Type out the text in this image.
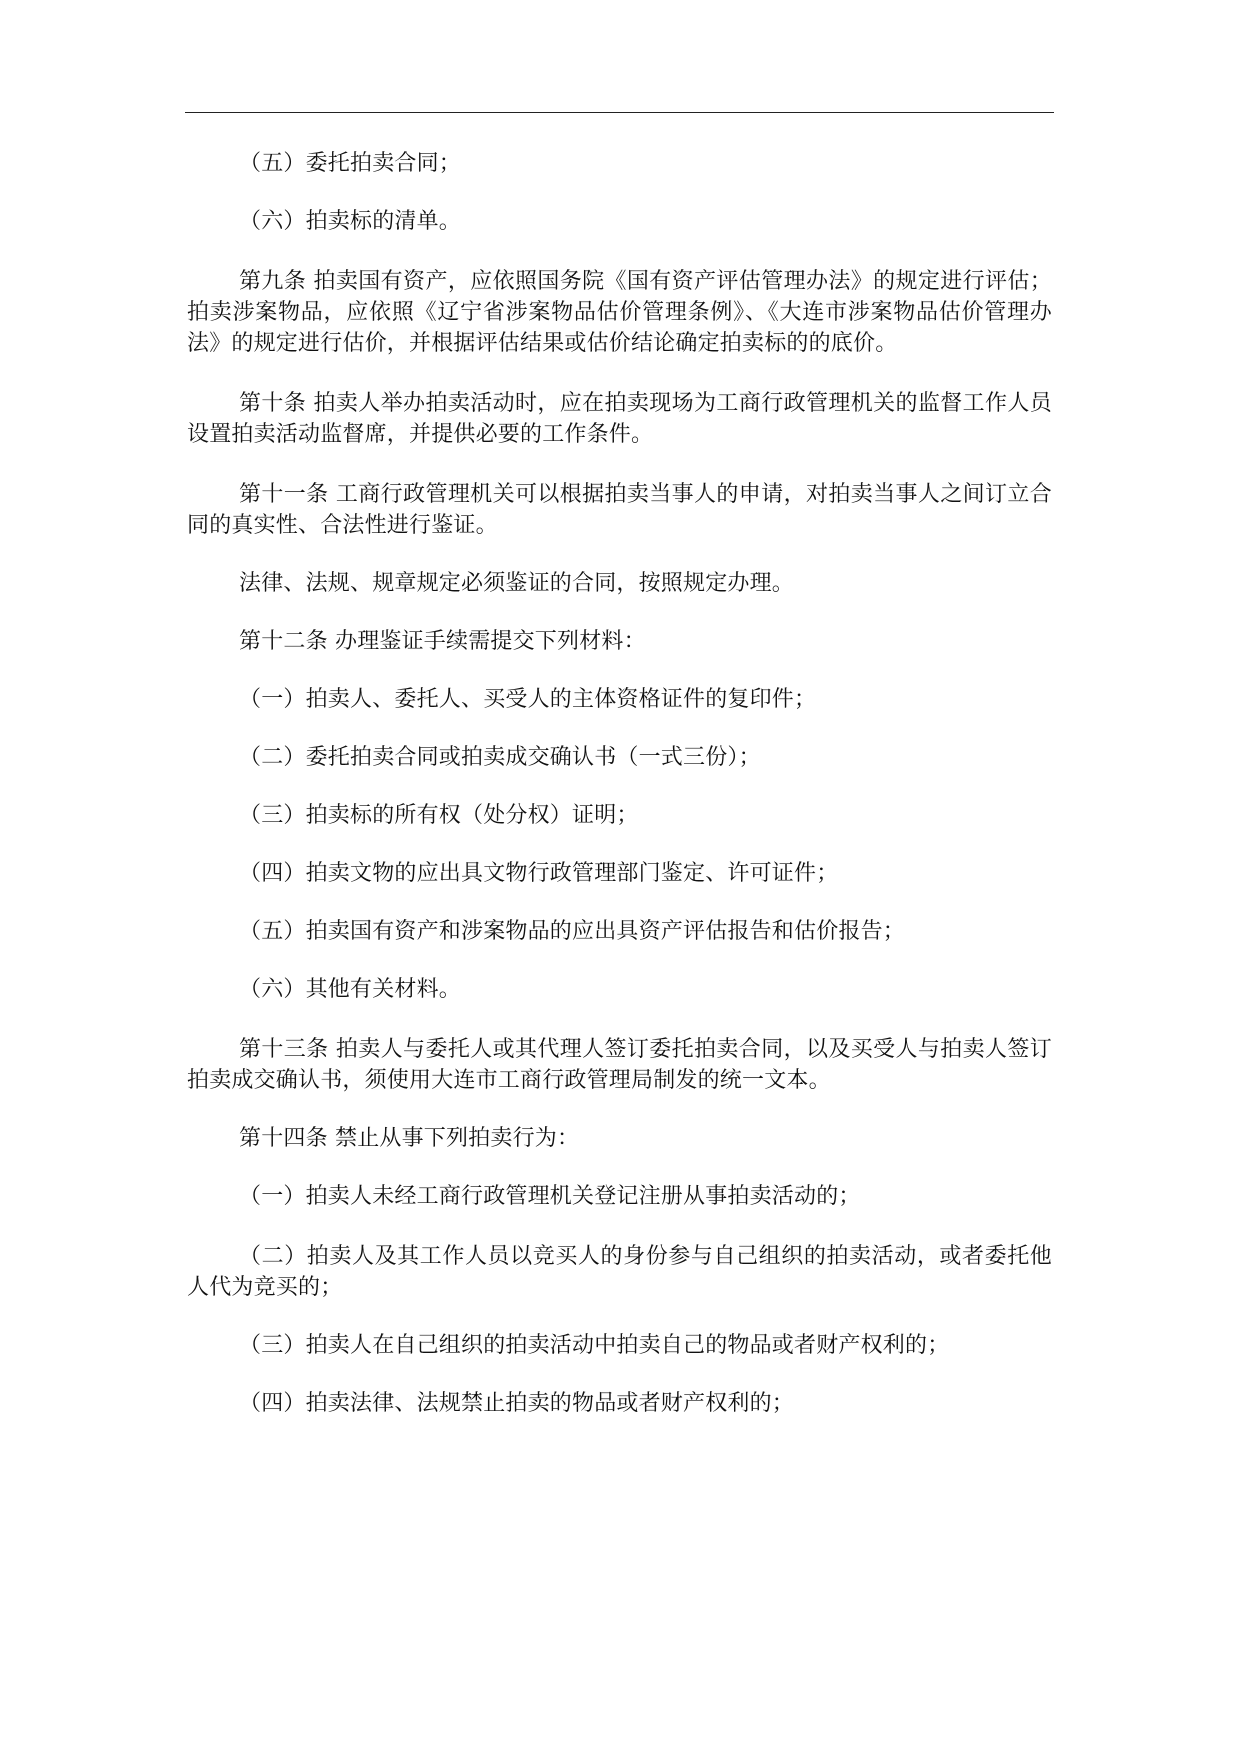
（五）委托拍卖合同；

（六）拍卖标的清单。

第九条 拍卖国有资产，应依照国务院《国有资产评估管理办法》的规定进行评估；拍卖涉案物品，应依照《辽宁省涉案物品估价管理条例》、《大连市涉案物品估价管理办法》的规定进行估价，并根据评估结果或估价结论确定拍卖标的的底价。

第十条 拍卖人举办拍卖活动时，应在拍卖现场为工商行政管理机关的监督工作人员设置拍卖活动监督席，并提供必要的工作条件。

第十一条 工商行政管理机关可以根据拍卖当事人的申请，对拍卖当事人之间订立合同的真实性、合法性进行鉴证。

法律、法规、规章规定必须鉴证的合同，按照规定办理。

第十二条 办理鉴证手续需提交下列材料：

（一）拍卖人、委托人、买受人的主体资格证件的复印件；

（二）委托拍卖合同或拍卖成交确认书（一式三份）；

（三）拍卖标的所有权（处分权）证明；

（四）拍卖文物的应出具文物行政管理部门鉴定、许可证件；

（五）拍卖国有资产和涉案物品的应出具资产评估报告和估价报告；

（六）其他有关材料。

第十三条 拍卖人与委托人或其代理人签订委托拍卖合同，以及买受人与拍卖人签订拍卖成交确认书，须使用大连市工商行政管理局制发的统一文本。

第十四条 禁止从事下列拍卖行为：

（一）拍卖人未经工商行政管理机关登记注册从事拍卖活动的；

（二）拍卖人及其工作人员以竞买人的身份参与自己组织的拍卖活动，或者委托他人代为竞买的；

（三）拍卖人在自己组织的拍卖活动中拍卖自己的物品或者财产权利的；

（四）拍卖法律、法规禁止拍卖的物品或者财产权利的；
